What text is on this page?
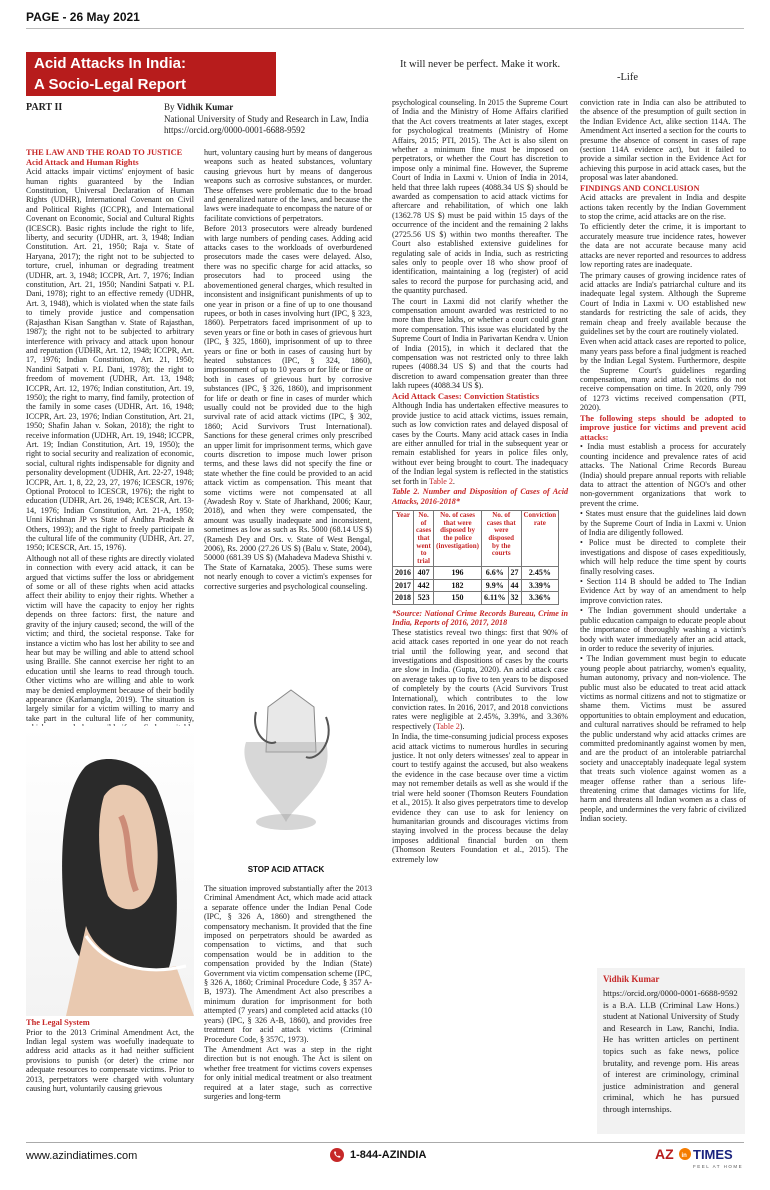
PAGE - 26 May 2021
Acid Attacks In India:
A Socio-Legal Report
It will never be perfect. Make it work.
-Life
PART II	By Vidhik Kumar
National University of Study and Research in Law, India
https://orcid.org/0000-0001-6688-9592
THE LAW AND THE ROAD TO JUSTICE
Acid Attack and Human Rights

Acid attacks impair victims' enjoyment of basic human rights guaranteed by the Indian Constitution, Universal Declaration of Human Rights (UDHR), International Covenant on Civil and Political Rights (ICCPR), and International Covenant on Economic, Social and Cultural Rights (ICESCR). Basic rights include the right to life, liberty, and security (UDHR, art. 3, 1948; Indian Constitution. Art. 21, 1950; Raja v. State of Haryana, 2017); the right not to be subjected to torture, cruel, inhuman or degrading treatment (UDHR, art. 3, 1948; ICCPR, Art. 7, 1976; Indian constitution, Art. 21, 1950; Nandini Satpati v. P.L Dani, 1978); right to an effective remedy (UDHR, Art. 3, 1948), which is violated when the state fails to timely provide justice and compensation (Rajasthan Kisan Sangthan v. State of Rajasthan, 1987); the right not to be subjected to arbitrary interference with privacy and attack upon honour and reputation (UDHR, Art. 12, 1948; ICCPR, Art. 17, 1976; Indian Constitution, Art. 21, 1950; Nandini Satpati v. P.L Dani, 1978); the right to freedom of movement (UDHR, Art. 13, 1948; ICCPR, Art. 12, 1976; Indian constitution, Art. 19, 1950); the right to marry, find family, protection of the family in some cases (UDHR, Art. 16, 1948; ICCPR, Art. 23, 1976; Indian Constitution, Art. 21, 1950; Shafin Jahan v. Sokan, 2018); the right to receive information (UDHR, Art. 19, 1948; ICCPR, Art. 19; Indian Constitution, Art. 19, 1950); the right to social security and realization of economic, social, cultural rights indispensable for dignity and personality development (UDHR, Art. 22-27, 1948; ICCPR, Art. 1, 8, 22, 23, 27, 1976; ICESCR, 1976; Optional Protocol to ICESCR, 1976); the right to education (UDHR, Art. 26, 1948; ICESCR, Art. 13-14, 1976; Indian Constitution, Art. 21-A, 1950; Unni Krishnan JP vs State of Andhra Pradesh & Others, 1993); and the right to freely participate in the cultural life of the community (UDHR, Art. 27, 1950; ICESCR, Art. 15, 1976).

Although not all of these rights are directly violated in connection with every acid attack, it can be argued that victims suffer the loss or abridgement of some or all of these rights when acid attacks affect their ability to enjoy their rights. Whether a victim will have the capacity to enjoy her rights depends on three factors: first, the nature and gravity of the injury caused; second, the will of the victim; and third, the societal response. Take for instance a victim who has lost her ability to see and hear but may be willing and able to attend school using Braille. She cannot exercise her right to an education until she learns to read through touch. Other victims who are willing and able to work may be denied employment because of their bodily appearance (Karlamangla, 2019). The situation is largely similar for a victim willing to marry and take part in the cultural life of her community,

The Legal System

Prior to the 2013 Criminal Amendment Act, the Indian legal system was woefully inadequate to address acid attacks as it had neither sufficient provisions to punish (or deter) the crime nor adequate resources to compensate victims. Prior to 2013, perpetrators were charged with voluntary causing hurt, voluntarily causing grievous

hurt, voluntary causing hurt by means of dangerous weapons such as heated substances, voluntary causing grievous hurt by means of dangerous weapons such as corrosive substances, or murder. These offenses were problematic due to the broad and generalized nature of the laws, and because the laws were inadequate to encompass the nature of or facilitate convictions of perpetrators.

Before 2013 prosecutors were already burdened with large numbers of pending cases. Adding acid attacks cases to the workloads of overburdened prosecutors made the cases were delayed. Also, there was no specific charge for acid attacks, so prosecutors had to proceed using the abovementioned general charges, which resulted in inconsistent and insignificant punishments of up to one year in prison or a fine of up to one thousand rupees, or both in cases involving hurt (IPC, § 323, 1860). Perpetrators faced imprisonment of up to seven years or fine or both in cases of grievous hurt (IPC, § 325, 1860), imprisonment of up to three years or fine or both in cases of causing hurt by heated substances (IPC, § 324, 1860), imprisonment of up to 10 years or for life or fine or both in cases of grievous hurt by corrosive substances (IPC, § 326, 1860), and imprisonment for life or death or fine in cases of murder which usually could not be provided due to the high survival rate of acid attack victims (IPC, § 302, 1860; Acid Survivors Trust International). Sanctions for these general crimes only prescribed an upper limit for imprisonment terms, which gave courts discretion to impose much lower prison terms, and these laws did not specify the fine or state whether the fine could be provided to an acid attack victim as compensation. This meant that some victims were not compensated at all (Awadesh Roy v. State of Jharkhand, 2006; Kaur, 2018), and when they were compensated, the amount was usually inadequate and inconsistent, sometimes as low as such as Rs. 5000 (68.14 US $) (Ramesh Dey and Ors. v. State of West Bengal, 2006), Rs. 2000 (27.26 US $) (Balu v. State, 2004), 50000 (681.39 US $) (Mahadeva Madeva Shisthi v. The State of Karnataka, 2005). These sums were not nearly enough to cover a victim's expenses for corrective surgeries and psychological counseling.

STOP ACID ATTACK

The situation improved substantially after the 2013 Criminal Amendment Act, which made acid attack a separate offence under the Indian Penal Code (IPC, § 326 A, 1860) and strengthened the compensatory mechanism. It provided that the fine imposed on perpetrators should be awarded as compensation to victims, and that such compensation would be in addition to the compensation provided by the Indian (State) Government via victim compensation scheme (IPC, § 326 A, 1860; Criminal Procedure Code, § 357 A-B, 1973). The Amendment Act also prescribes a minimum duration for imprisonment for both attempted (7 years) and completed acid attacks (10 years) (IPC, § 326 A-B, 1860), and provides free treatment for acid attack victims (Criminal Procedure Code, § 357C, 1973).

The Amendment Act was a step in the right direction but is not enough. The Act is silent on whether free treatment for victims covers expenses for only initial medical treatment or also treatment required at a later stage, such as corrective surgeries and long-term

psychological counseling. In 2015 the Supreme Court of India and the Ministry of Home Affairs clarified that the Act covers treatments at later stages, except for psychological treatments (Ministry of Home Affairs, 2015; PTI, 2015). The Act is also silent on whether a minimum fine must be imposed on perpetrators, or whether the Court has discretion to impose only a minimal fine. However, the Supreme Court of India in Laxmi v. Union of India in 2014, held that three lakh rupees (4088.34 US $) should be awarded as compensation to acid attack victims for aftercare and rehabilitation, of which one lakh (1362.78 US $) must be paid within 15 days of the occurrence of the incident and the remaining 2 lakhs (2725.56 US $) within two months thereafter. The Court also established extensive guidelines for regulating sale of acids in India, such as restricting sales only to people over 18 who show proof of identification, maintaining a log (register) of acid sales to record the purpose for purchasing acid, and the quantity purchased.

The court in Laxmi did not clarify whether the compensation amount awarded was restricted to no more than three lakhs, or whether a court could grant more compensation. This issue was elucidated by the Supreme Court of India in Parivartan Kendra v. Union of India (2015), in which it declared that the compensation was not restricted only to three lakh rupees (4088.34 US $) and that the courts had discretion to award compensation greater than three lakh rupees (4088.34 US $).

Acid Attack Cases: Conviction Statistics

Although India has undertaken effective measures to provide justice to acid attack victims, issues remain, such as low conviction rates and delayed disposal of cases by the Courts. Many acid attack cases in India are either annulled for trial in the subsequent year or remain established for years in police files only, without ever being brought to court. The inadequacy of the Indian legal system is reflected in the statistics set forth in Table 2.

Table 2. Number and Disposition of Cases of Acid Attacks, 2016-2018*
Year	No. of cases that went to trial	No. of cases that were disposed by the police (investigation)	No. of cases that were disposed by the courts		Conviction rate
2016	407	196	6.6%	27	2.45%
2017	442	182	9.9%	44	3.39%
2018	523	150	6.11%	32	3.36%
*Source: National Crime Records Bureau, Crime in India, Reports of 2016, 2017, 2018

These statistics reveal two things: first that 90% of acid attack cases reported in one year do not reach trial until the following year, and second that investigations and dispositions of cases by the courts are slow in India. (Gupta, 2020). An acid attack case on average takes up to five to ten years to be disposed of completely by the courts (Acid Survivors Trust International), which contributes to the low conviction rates. In 2016, 2017, and 2018 convictions rates were negligible at 2.45%, 3.39%, and 3.36% respectively (Table 2).

In India, the time-consuming judicial process exposes acid attack victims to numerous hurdles in securing justice. It not only deters witnesses' zeal to appear in court to testify against the accused, but also weakens the evidence in the case because over time a victim may not remember details as well as she would if the trial were held sooner (Thomson Reuters Foundation et al., 2015). It also gives perpetrators time to develop evidence they can use to ask for leniency on humanitarian grounds and discourages victims from staying involved in the process because the delay imposes additional financial burden on them (Thomson Reuters Foundation et al., 2015). The extremely low

conviction rate in India can also be attributed to the absence of the presumption of guilt section in the Indian Evidence Act, alike section 114A. The Amendment Act inserted a section for the courts to presume the absence of consent in cases of rape (section 114A evidence act), but it failed to provide a similar section in the Evidence Act for achieving this purpose in acid attack cases, but the proposal was later abandoned.

FINDINGS AND CONCLUSION

Acid attacks are prevalent in India and despite actions taken recently by the Indian Government to stop the crime, acid attacks are on the rise.

To efficiently deter the crime, it is important to accurately measure true incidence rates, however the data are not accurate because many acid attacks are never reported and resources to address low reporting rates are inadequate.

The primary causes of growing incidence rates of acid attacks are India's patriarchal culture and its inadequate legal system. Although the Supreme Court of India in Laxmi v. UO established new standards for restricting the sale of acids, they remain cheap and freely available because the guidelines set by the court are routinely violated.

Even when acid attack cases are reported to police, many years pass before a final judgment is reached by the Indian Legal System. Furthermore, despite the Supreme Court's guidelines regarding compensation, many acid attack victims do not receive compensation on time. In 2020, only 799 of 1273 victims received compensation (PTI, 2020).

The following steps should be adopted to improve justice for victims and prevent acid attacks:

• India must establish a process for accurately counting incidence and prevalence rates of acid attacks. The National Crime Records Bureau (India) should prepare annual reports with reliable data to attract the attention of NGO's and other non-government organizations that work to prevent the crime.

• States must ensure that the guidelines laid down by the Supreme Court of India in Laxmi v. Union of India are diligently followed.

• Police must be directed to complete their investigations and dispose of cases expeditiously, which will help reduce the time spent by courts finally resolving cases.

• Section 114 B should be added to The Indian Evidence Act by way of an amendment to help improve conviction rates.

• The Indian government should undertake a public education campaign to educate people about the importance of thoroughly washing a victim's body with water immediately after an acid attack, in order to reduce the severity of injuries.

• The Indian government must begin to educate young people about patriarchy, women's equality, human autonomy, privacy and non-violence. The public must also be educated to treat acid attack victims as normal citizens and not to stigmatize or shame them. Victims must be assured opportunities to obtain employment and education, and cultural narratives should be reframed to help the public understand why acid attacks crimes are committed predominantly against women by men, and are the product of an intolerable patriarchal society and unacceptably inadequate legal system that treats such violence against women as a meager offense rather than a serious life-threatening crime that damages victims for life, harm and threatens all Indian women as a class of people, and undermines the very fabric of civilized Indian society.

Vidhik Kumar
https://orcid.org/0000-0001-6688-9592 is a B.A. LLB (Criminal Law Hons.) student at National University of Study and Research in Law, Ranchi, India. He has written articles on pertinent topics such as fake news, police brutality, and revenge porn. His areas of interest are criminology, criminal justice administration and general criminal, which he has pursued through internships.
www.azindiatimes.com	1-844-AZINDIA	AZ in TIMES
FEEL AT HOME
